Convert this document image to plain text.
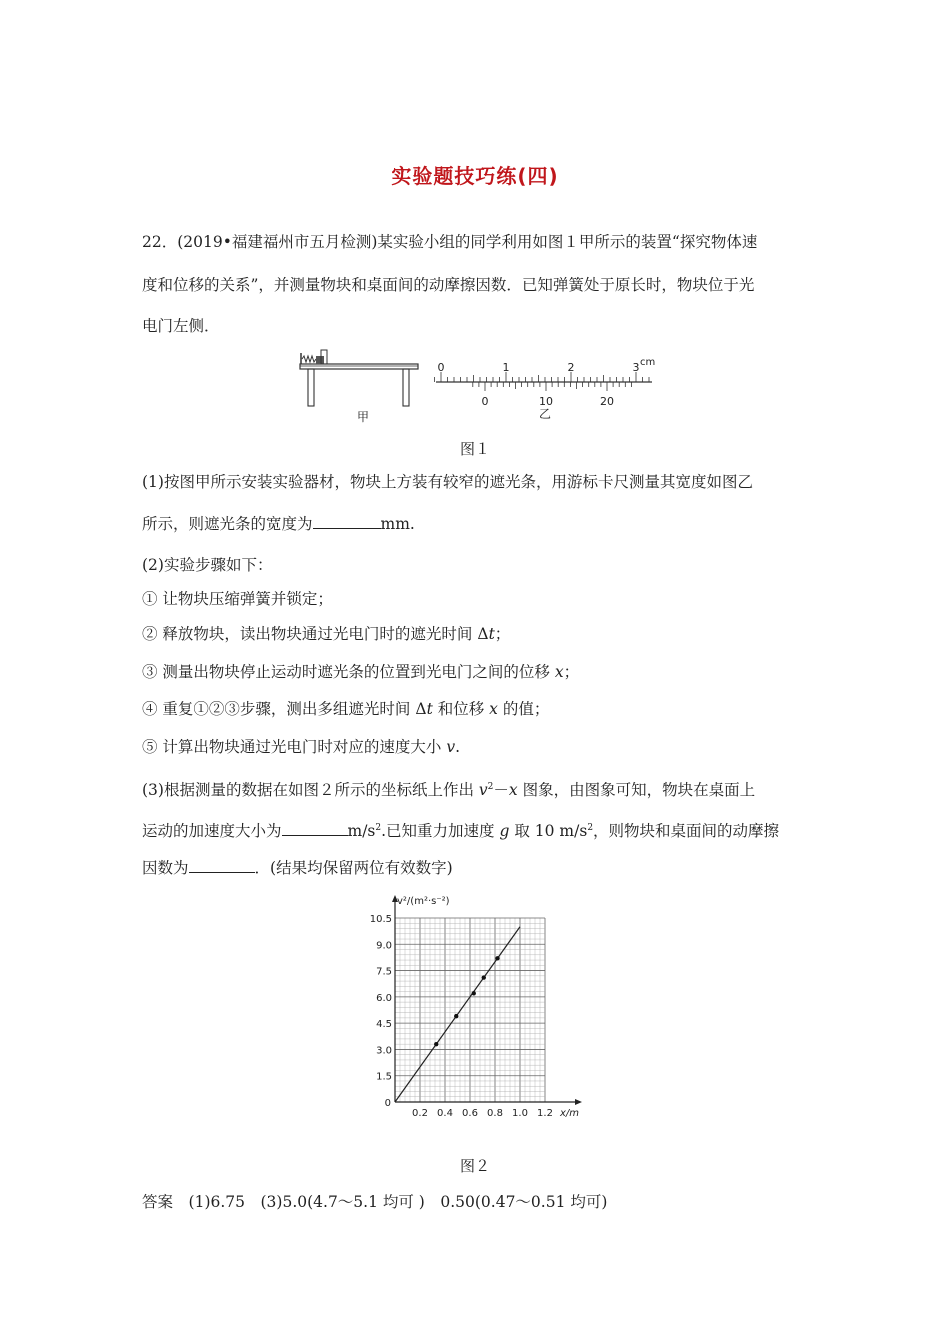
实验题技巧练(四)
22．(2019•福建福州市五月检测)某实验小组的同学利用如图１甲所示的装置“探究物体速
度和位移的关系”，并测量物块和桌面间的动摩擦因数．已知弹簧处于原长时，物块位于光
电门左侧．
甲
0	1	2	3 cm
0	10	20
乙
图１
(1)按图甲所示安装实验器材，物块上方装有较窄的遮光条，用游标卡尺测量其宽度如图乙
所示，则遮光条的宽度为	mm.
(2)实验步骤如下：
① 让物块压缩弹簧并锁定；
② 释放物块，读出物块通过光电门时的遮光时间 Δt；
③ 测量出物块停止运动时遮光条的位置到光电门之间的位移 x；
④ 重复①②③步骤，测出多组遮光时间 Δt 和位移 x 的值；
⑤ 计算出物块通过光电门时对应的速度大小 v.
(3)根据测量的数据在如图２所示的坐标纸上作出 $v^2-x$ 图象，由图象可知，物块在桌面上
运动的加速度大小为	$m/s^2$.已知重力加速度 g 取 10 $m/s^2$，则物块和桌面间的动摩擦
因数为	．(结果均保留两位有效数字)
v²/(m²·s⁻²)
x/m
0
0.2 0.4 0.6 0.8 1.0 1.2
1.5
3.0
4.5
6.0
7.5
9.0
10.5
图２
答案　 (1)6.75　(3)5.0(4.7～5.1 均可 )　0.50(0.47～0.51 均可)
